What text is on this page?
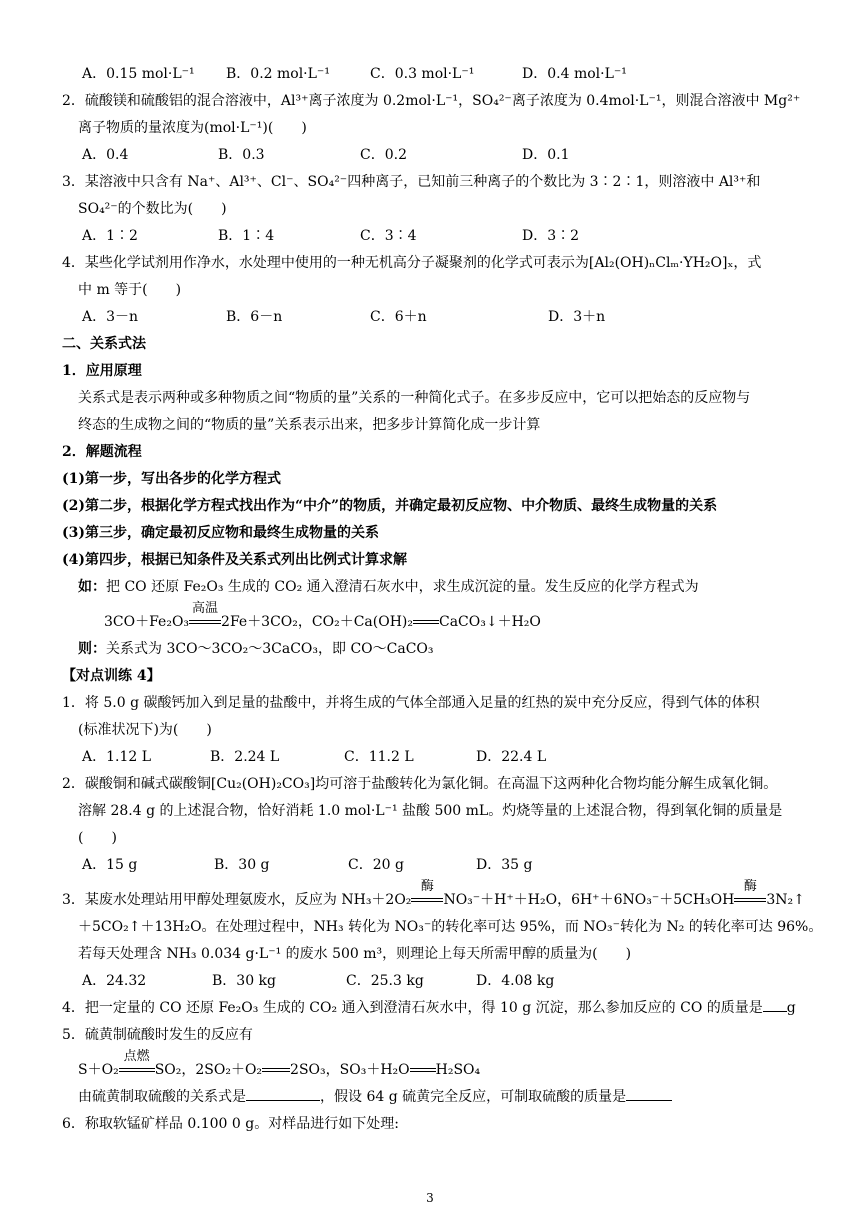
A．0.15 mol·L⁻¹ B．0.2 mol·L⁻¹	C．0.3 mol·L⁻¹	D．0.4 mol·L⁻¹
2．硫酸镁和硫酸铝的混合溶液中，Al³⁺离子浓度为 0.2mol·L⁻¹，SO₄²⁻离子浓度为 0.4mol·L⁻¹，则混合溶液中 Mg²⁺
离子物质的量浓度为(mol·L⁻¹)(　　)
A．0.4	B．0.3	C．0.2	D．0.1
3．某溶液中只含有 Na⁺、Al³⁺、Cl⁻、SO₄²⁻四种离子，已知前三种离子的个数比为 3∶2∶1，则溶液中 Al³⁺和
SO₄²⁻的个数比为(　　)
A．1∶2	B．1∶4	C．3∶4	D．3∶2
4．某些化学试剂用作净水，水处理中使用的一种无机高分子凝聚剂的化学式可表示为[Al₂(OH)ₙClₘ·YH₂O]ₓ，式
中 m 等于(　　)
A．3－n	B．6－n	C．6＋n	D．3＋n
二、关系式法
1．应用原理
关系式是表示两种或多种物质之间“物质的量”关系的一种简化式子。在多步反应中，它可以把始态的反应物与
终态的生成物之间的“物质的量”关系表示出来，把多步计算简化成一步计算
2．解题流程
(1)第一步，写出各步的化学方程式
(2)第二步，根据化学方程式找出作为“中介”的物质，并确定最初反应物、中介物质、最终生成物量的关系
(3)第三步，确定最初反应物和最终生成物量的关系
(4)第四步，根据已知条件及关系式列出比例式计算求解
如：把 CO 还原 Fe₂O₃ 生成的 CO₂ 通入澄清石灰水中，求生成沉淀的量。发生反应的化学方程式为
3CO＋Fe₂O₃
高温
2Fe＋3CO₂，CO₂＋Ca(OH)₂ CaCO₃↓＋H₂O
则：关系式为 3CO～3CO₂～3CaCO₃，即 CO～CaCO₃
【对点训练 4】
1．将 5.0 g 碳酸钙加入到足量的盐酸中，并将生成的气体全部通入足量的红热的炭中充分反应，得到气体的体积
(标准状况下)为(　　)
A．1.12 L	B．2.24 L	C．11.2 L	D．22.4 L
2．碳酸铜和碱式碳酸铜[Cu₂(OH)₂CO₃]均可溶于盐酸转化为氯化铜。在高温下这两种化合物均能分解生成氧化铜。
溶解 28.4 g 的上述混合物，恰好消耗 1.0 mol·L⁻¹ 盐酸 500 mL。灼烧等量的上述混合物，得到氧化铜的质量是
(　　)
A．15 g	B．30 g	C．20 g	D．35 g
3．某废水处理站用甲醇处理氨废水，反应为 NH₃＋2O₂
酶
NO₃⁻＋H⁺＋H₂O，6H⁺＋6NO₃⁻＋5CH₃OH
酶
3N₂↑
＋5CO₂↑＋13H₂O。在处理过程中，NH₃ 转化为 NO₃⁻的转化率可达 95%，而 NO₃⁻转化为 N₂ 的转化率可达 96%。
若每天处理含 NH₃ 0.034 g·L⁻¹ 的废水 500 m³，则理论上每天所需甲醇的质量为(　　)
A．24.32	B．30 kg	C．25.3 kg	D．4.08 kg
4．把一定量的 CO 还原 Fe₂O₃ 生成的 CO₂ 通入到澄清石灰水中，得 10 g 沉淀，那么参加反应的 CO 的质量是 g
5．硫黄制硫酸时发生的反应有
S＋O₂
点燃
SO₂，2SO₂＋O₂ 2SO₃，SO₃＋H₂O H₂SO₄
由硫黄制取硫酸的关系式是	，假设 64 g 硫黄完全反应，可制取硫酸的质量是
6．称取软锰矿样品 0.100 0 g。对样品进行如下处理:
3
